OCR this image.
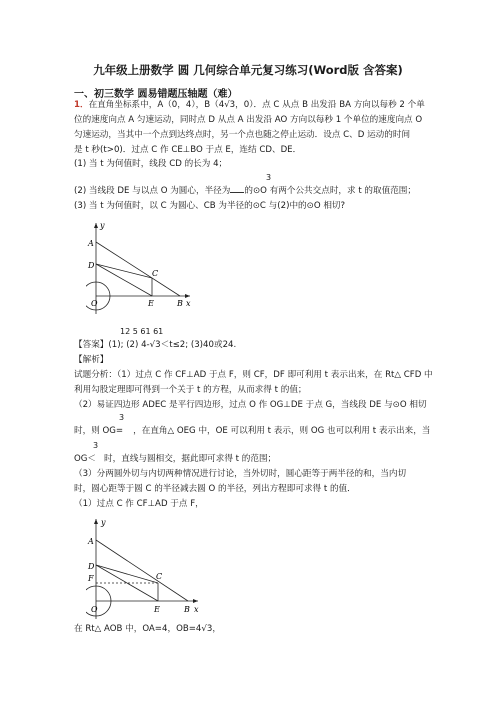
九年级上册数学 圆 几何综合单元复习练习(Word版 含答案)
一、初三数学 圆易错题压轴题（难）
1．在直角坐标系中，A（0，4），B（4√3，0）．点 C 从点 B 出发沿 BA 方向以每秒 2 个单
位的速度向点 A 匀速运动，同时点 D 从点 A 出发沿 AO 方向以每秒 1 个单位的速度向点 O
匀速运动，当其中一个点到达终点时，另一个点也随之停止运动．设点 C、D 运动的时间
是 t 秒(t>0)．过点 C 作 CE⊥BO 于点 E，连结 CD、DE．
(1) 当 t 为何值时，线段 CD 的长为 4；
3
(2) 当线段 DE 与以点 O 为圆心，半径为 的⊙O 有两个公共交点时，求 t 的取值范围；
(3) 当 t 为何值时，以 C 为圆心、CB 为半径的⊙C 与(2)中的⊙O 相切?
y
A
D
C
O	E	B x
12 5 61 61
【答案】(1); (2) 4-√3＜t≤2; (3)40或24.
【解析】
试题分析：（1）过点 C 作 CF⊥AD 于点 F，则 CF，DF 即可利用 t 表示出来，在 Rt△ CFD 中
利用勾股定理即可得到一个关于 t 的方程，从而求得 t 的值；
（2）易证四边形 ADEC 是平行四边形，过点 O 作 OG⊥DE 于点 G，当线段 DE 与⊙O 相切
3
时，则 OG= ，在直角△ OEG 中，OE 可以利用 t 表示，则 OG 也可以利用 t 表示出来，当
3
OG＜ 时，直线与圆相交，据此即可求得 t 的范围；
（3）分两圆外切与内切两种情况进行讨论，当外切时，圆心距等于两半径的和，当内切
时，圆心距等于圆 C 的半径减去圆 O 的半径，列出方程即可求得 t 的值．
（1）过点 C 作 CF⊥AD 于点 F，
y
A
D
F	C
O	E	B x
在 Rt△ AOB 中，OA=4，OB=4√3，
